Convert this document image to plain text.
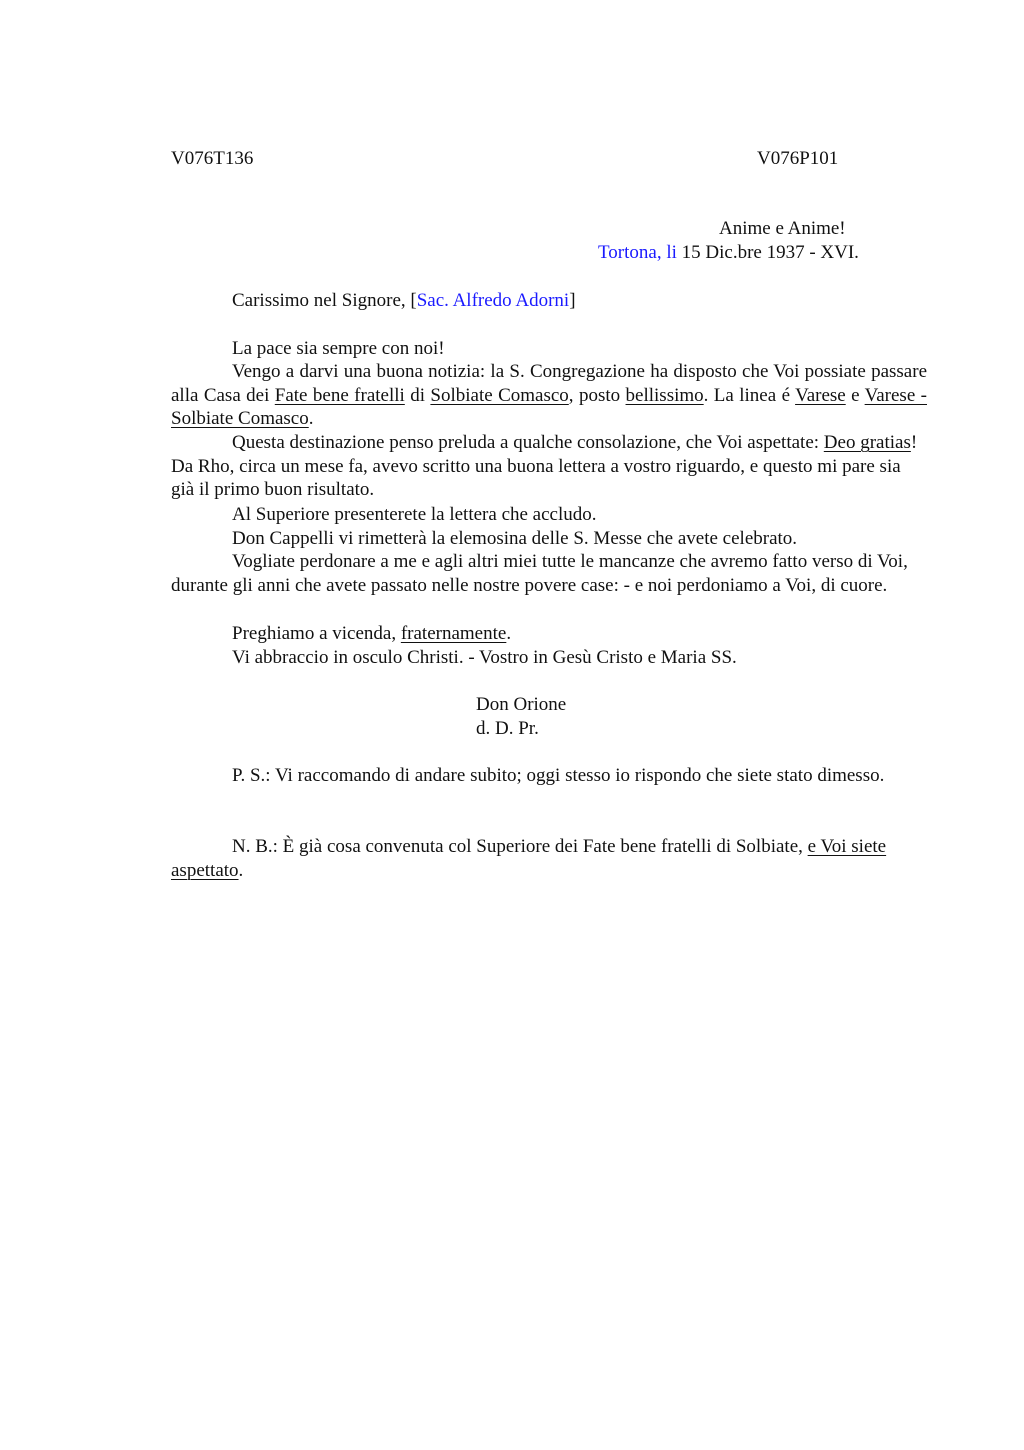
V076T136	V076P101
Anime e Anime!
Tortona, li 15 Dic.bre 1937 - XVI.
Carissimo nel Signore, [Sac. Alfredo Adorni]
La pace sia sempre con noi!

Vengo a darvi una buona notizia: la S. Congregazione ha disposto che Voi possiate passare alla Casa dei Fate bene fratelli di Solbiate Comasco, posto bellissimo. La linea é Varese e Varese - Solbiate Comasco.

Questa destinazione penso preluda a qualche consolazione, che Voi aspettate: Deo gratias! Da Rho, circa un mese fa, avevo scritto una buona lettera a vostro riguardo, e questo mi pare sia già il primo buon risultato.

Al Superiore presenterete la lettera che accludo.
Don Cappelli vi rimetterà la elemosina delle S. Messe che avete celebrato.

Vogliate perdonare a me e agli altri miei tutte le mancanze che avremo fatto verso di Voi, durante gli anni che avete passato nelle nostre povere case: - e noi perdoniamo a Voi, di cuore.

Preghiamo a vicenda, fraternamente.
Vi abbraccio in osculo Christi. - Vostro in Gesù Cristo e Maria SS.
Don Orione
d. D. Pr.

P. S.: Vi raccomando di andare subito; oggi stesso io rispondo che siete stato dimesso.

N. B.: È già cosa convenuta col Superiore dei Fate bene fratelli di Solbiate, e Voi siete aspettato.
